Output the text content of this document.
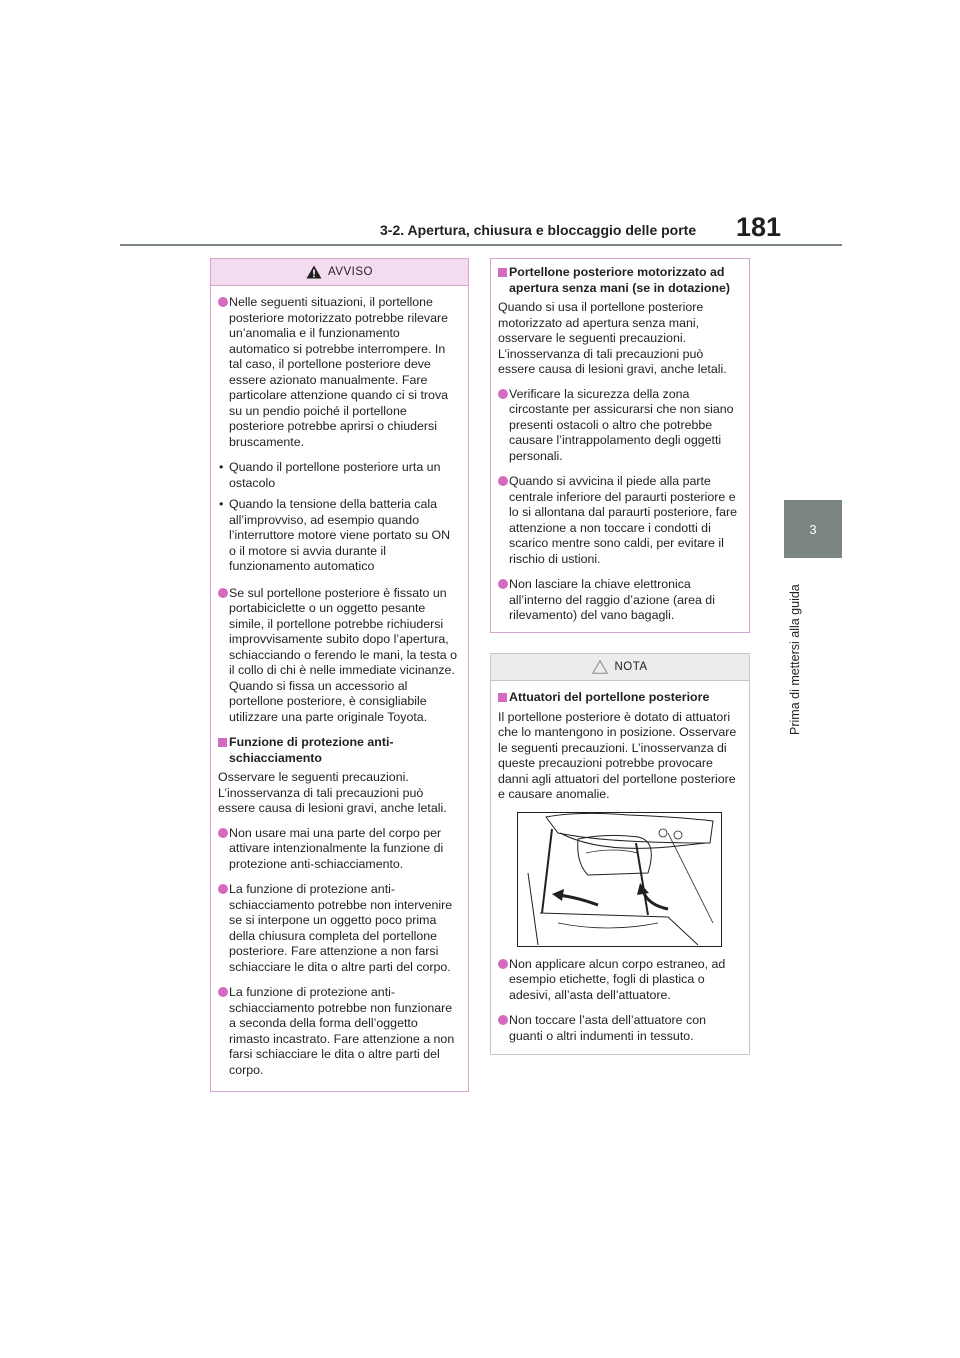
3-2. Apertura, chiusura e bloccaggio delle porte 181
3
Prima di mettersi alla guida
AVVISO
Nelle seguenti situazioni, il portellone posteriore motorizzato potrebbe rilevare un’anomalia e il funzionamento automatico si potrebbe interrompere. In tal caso, il portellone posteriore deve essere azionato manualmente. Fare particolare attenzione quando ci si trova su un pendio poiché il portellone posteriore potrebbe aprirsi o chiudersi bruscamente.
• Quando il portellone posteriore urta un ostacolo
• Quando la tensione della batteria cala all’improvviso, ad esempio quando l’interruttore motore viene portato su ON o il motore si avvia durante il funzionamento automatico
Se sul portellone posteriore è fissato un portabiciclette o un oggetto pesante simile, il portellone potrebbe richiudersi improvvisamente subito dopo l’apertura, schiacciando o ferendo le mani, la testa o il collo di chi è nelle immediate vicinanze. Quando si fissa un accessorio al portellone posteriore, è consigliabile utilizzare una parte originale Toyota.
Funzione di protezione anti-schiacciamento

Osservare le seguenti precauzioni. L’inosservanza di tali precauzioni può essere causa di lesioni gravi, anche letali.

Non usare mai una parte del corpo per attivare intenzionalmente la funzione di protezione anti-schiacciamento.
La funzione di protezione anti-schiacciamento potrebbe non intervenire se si interpone un oggetto poco prima della chiusura completa del portellone posteriore. Fare attenzione a non farsi schiacciare le dita o altre parti del corpo.
La funzione di protezione anti-schiacciamento potrebbe non funzionare a seconda della forma dell’oggetto rimasto incastrato. Fare attenzione a non farsi schiacciare le dita o altre parti del corpo.
Portellone posteriore motorizzato ad apertura senza mani (se in dotazione)

Quando si usa il portellone posteriore motorizzato ad apertura senza mani, osservare le seguenti precauzioni. L’inosservanza di tali precauzioni può essere causa di lesioni gravi, anche letali.

Verificare la sicurezza della zona circostante per assicurarsi che non siano presenti ostacoli o altro che potrebbe causare l’intrappolamento degli oggetti personali.
Quando si avvicina il piede alla parte centrale inferiore del paraurti posteriore e lo si allontana dal paraurti posteriore, fare attenzione a non toccare i condotti di scarico mentre sono caldi, per evitare il rischio di ustioni.
Non lasciare la chiave elettronica all’interno del raggio d’azione (area di rilevamento) del vano bagagli.
NOTA
Attuatori del portellone posteriore

Il portellone posteriore è dotato di attuatori che lo mantengono in posizione. Osservare le seguenti precauzioni. L’inosservanza di queste precauzioni potrebbe provocare danni agli attuatori del portellone posteriore e causare anomalie.

Non applicare alcun corpo estraneo, ad esempio etichette, fogli di plastica o adesivi, all’asta dell’attuatore.
Non toccare l’asta dell’attuatore con guanti o altri indumenti in tessuto.
